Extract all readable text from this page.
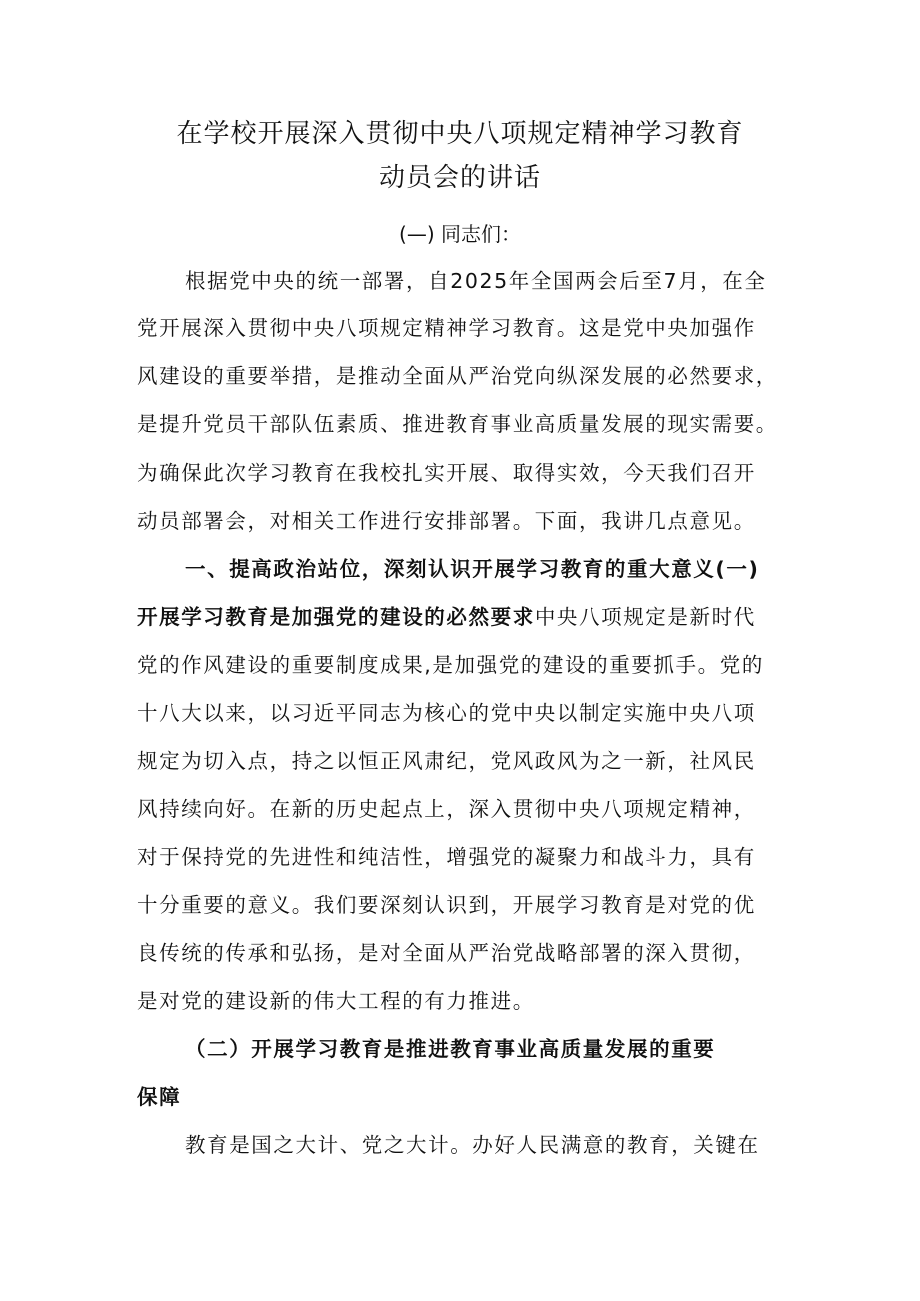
在学校开展深入贯彻中央八项规定精神学习教育
动员会的讲话
(—) 同志们：
根据党中央的统一部署，自2025年全国两会后至7月，在全
党开展深入贯彻中央八项规定精神学习教育。这是党中央加强作
风建设的重要举措，是推动全面从严治党向纵深发展的必然要求，
是提升党员干部队伍素质、推进教育事业高质量发展的现实需要。
为确保此次学习教育在我校扎实开展、取得实效，今天我们召开
动员部署会，对相关工作进行安排部署。下面，我讲几点意见。
一、提高政治站位，深刻认识开展学习教育的重大意义(一)
开展学习教育是加强党的建设的必然要求中央八项规定是新时代
党的作风建设的重要制度成果,是加强党的建设的重要抓手。党的
十八大以来，以习近平同志为核心的党中央以制定实施中央八项
规定为切入点，持之以恒正风肃纪，党风政风为之一新，社风民
风持续向好。在新的历史起点上，深入贯彻中央八项规定精神，
对于保持党的先进性和纯洁性，增强党的凝聚力和战斗力，具有
十分重要的意义。我们要深刻认识到，开展学习教育是对党的优
良传统的传承和弘扬，是对全面从严治党战略部署的深入贯彻，
是对党的建设新的伟大工程的有力推进。
（二）开展学习教育是推进教育事业高质量发展的重要
保障
教育是国之大计、党之大计。办好人民满意的教育，关键在
